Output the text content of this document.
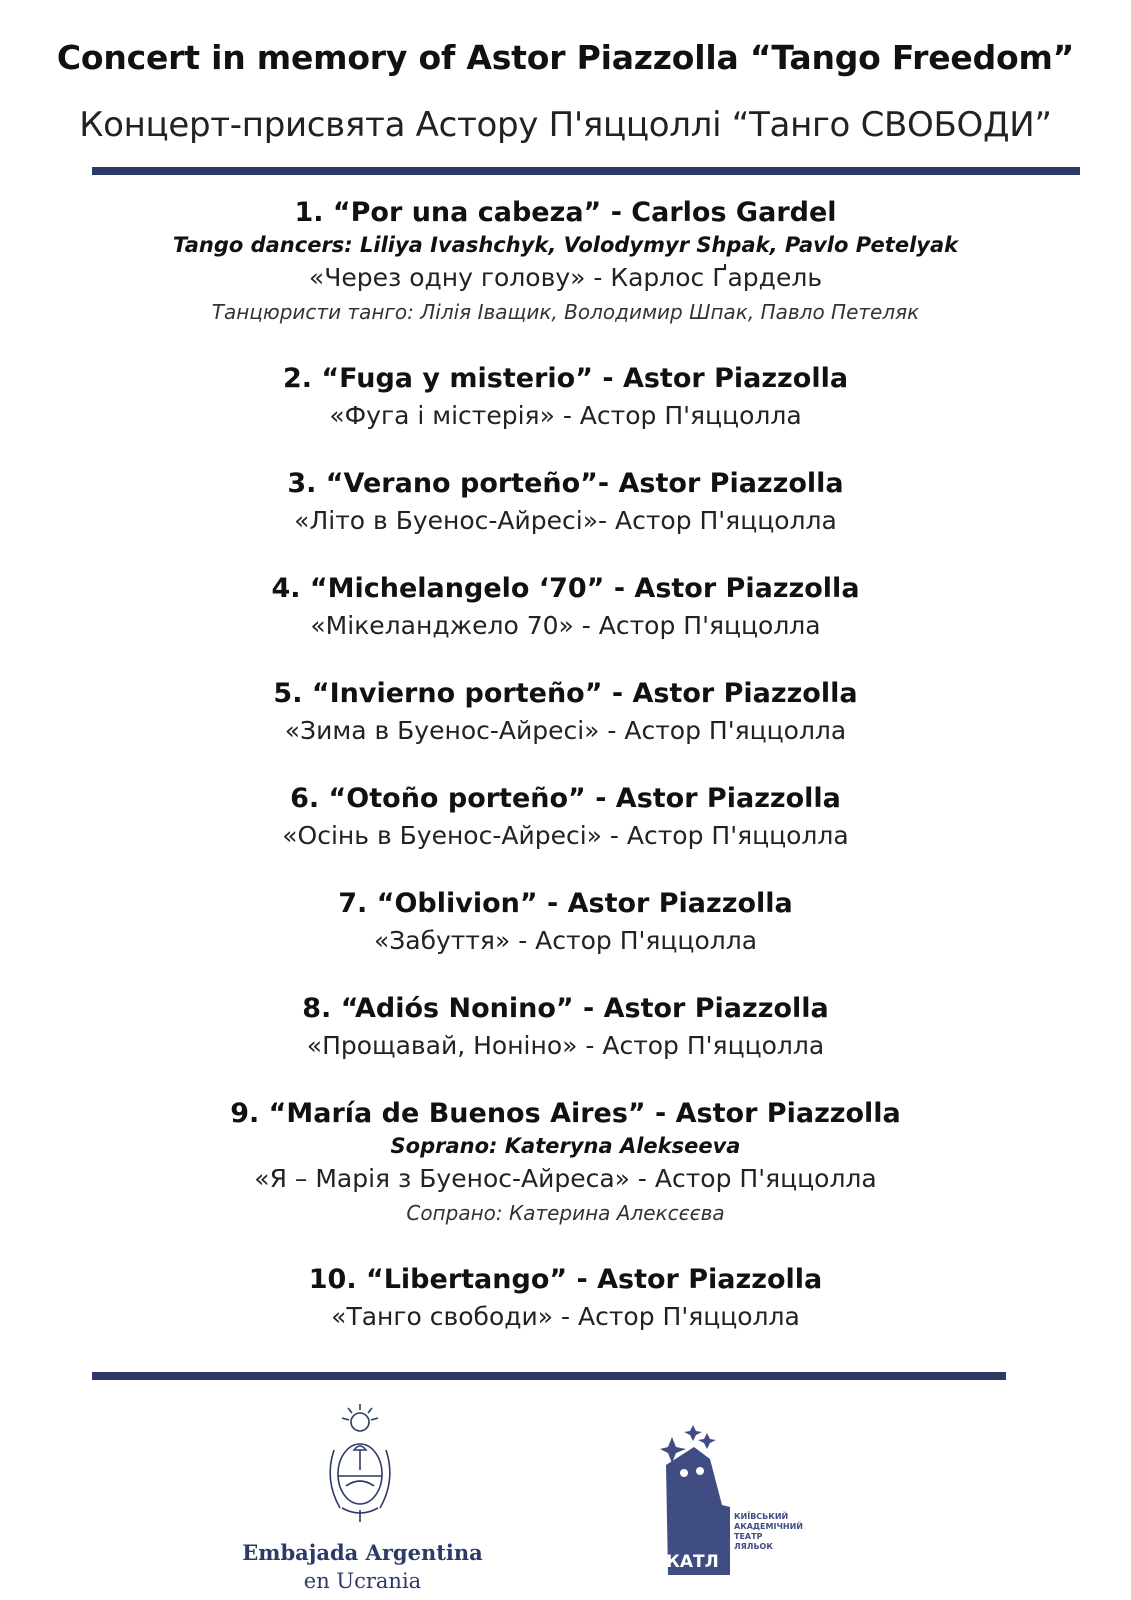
Concert in memory of Astor Piazzolla “Tango Freedom”
Концерт-присвята Астору П'яццоллі “Танго СВОБОДИ”
1. “Por una cabeza” - Carlos Gardel
Tango dancers: Liliya Ivashchyk, Volodymyr Shpak, Pavlo Petelyak
«Через одну голову» - Карлос Ґардель
Танцюристи танго: Лілія Іващик, Володимир Шпак, Павло Петеляк
2. “Fuga y misterio” - Astor Piazzolla
«Фуга і містерія» - Астор П'яццолла
3. “Verano porteño”- Astor Piazzolla
«Літо в Буенос-Айресі»- Астор П'яццолла
4. “Michelangelo ‘70” - Astor Piazzolla
«Мікеланджело 70» - Астор П'яццолла
5. “Invierno porteño” - Astor Piazzolla
«Зима в Буенос-Айресі» - Астор П'яццолла
6. “Otoño porteño” - Astor Piazzolla
«Осінь в Буенос-Айресі» - Астор П'яццолла
7. “Oblivion” - Astor Piazzolla
«Забуття» - Астор П'яццолла
8. “Adiós Nonino” - Astor Piazzolla
«Прощавай, Ноніно» - Астор П'яццолла
9. “María de Buenos Aires” - Astor Piazzolla
Soprano: Kateryna Alekseeva
«Я – Марія з Буенос-Айреса» - Астор П'яццолла
Сопрано: Катерина Алексєєва
10. “Libertango” - Astor Piazzolla
«Танго свободи» - Астор П'яццолла
Embajada Argentina
en Ucrania
КАТЛ
КИЇВСЬКИЙ
АКАДЕМІЧНИЙ
ТЕАТР
ЛЯЛЬОК
